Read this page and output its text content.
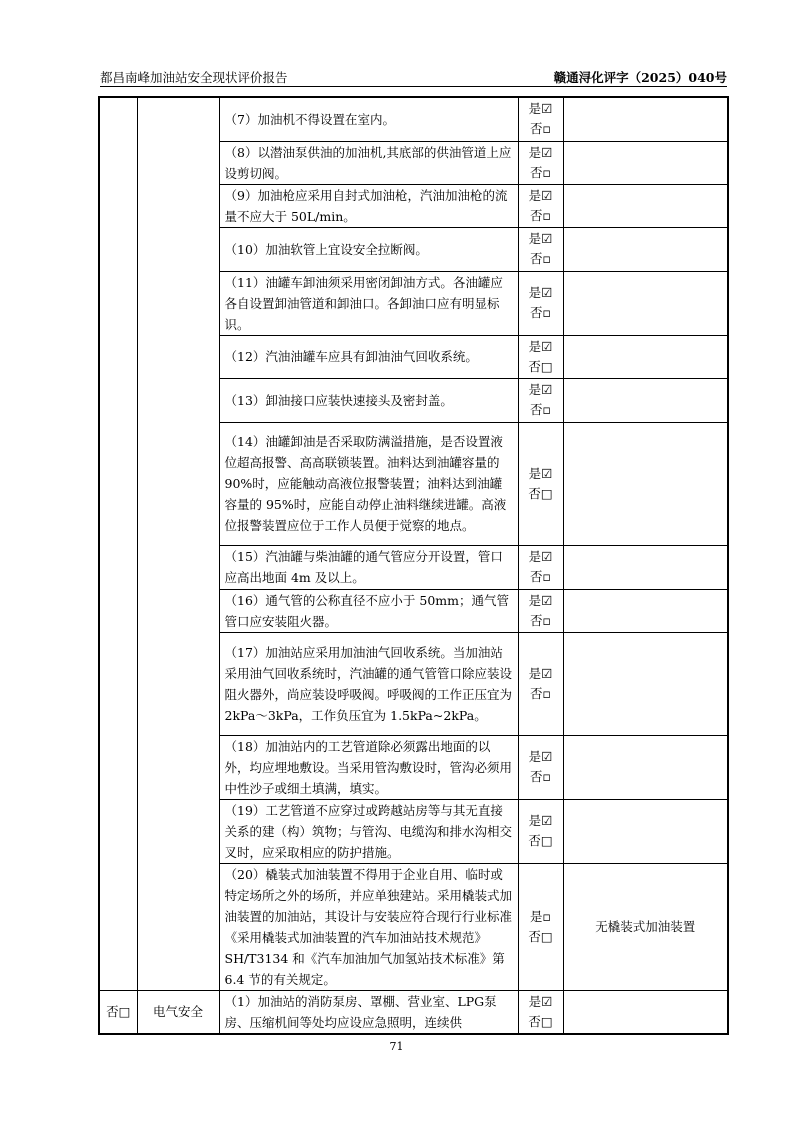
都昌南峰加油站安全现状评价报告	赣通浔化评字（2025）040号
		（7）加油机不得设置在室内。	是☑
否▫	

		（8）以潜油泵供油的加油机,其底部的供油管道上应设剪切阀。	是☑
否▫	

		（9）加油枪应采用自封式加油枪，汽油加油枪的流量不应大于 50L/min。	是☑
否▫	

		（10）加油软管上宜设安全拉断阀。	是☑
否▫	

		（11）油罐车卸油须采用密闭卸油方式。各油罐应各自设置卸油管道和卸油口。各卸油口应有明显标识。	是☑
否▫	

		（12）汽油油罐车应具有卸油油气回收系统。	是☑
否□	

		（13）卸油接口应装快速接头及密封盖。	是☑
否▫	

		（14）油罐卸油是否采取防满溢措施，是否设置液位超高报警、高高联锁装置。油料达到油罐容量的 90%时，应能触动高液位报警装置；油料达到油罐容量的 95%时，应能自动停止油料继续进罐。高液位报警装置应位于工作人员便于觉察的地点。	是☑
否□	

		（15）汽油罐与柴油罐的通气管应分开设置，管口应高出地面 4m 及以上。	是☑
否▫	

		（16）通气管的公称直径不应小于 50mm；通气管管口应安装阻火器。	是☑
否▫	

		（17）加油站应采用加油油气回收系统。当加油站采用油气回收系统时，汽油罐的通气管管口除应装设阻火器外，尚应装设呼吸阀。呼吸阀的工作正压宜为 2kPa～3kPa，工作负压宜为 1.5kPa~2kPa。	是☑
否▫	

		（18）加油站内的工艺管道除必须露出地面的以外，均应埋地敷设。当采用管沟敷设时，管沟必须用中性沙子或细土填满，填实。	是☑
否▫	

		（19）工艺管道不应穿过或跨越站房等与其无直接关系的建（构）筑物；与管沟、电缆沟和排水沟相交叉时，应采取相应的防护措施。	是☑
否□	

		（20）橇装式加油装置不得用于企业自用、临时或特定场所之外的场所，并应单独建站。采用橇装式加油装置的加油站，其设计与安装应符合现行行业标准《采用橇装式加油装置的汽车加油站技术规范》SH/T3134 和《汽车加油加气加氢站技术标准》第 6.4 节的有关规定。	是▫
否□	无橇装式加油装置
否□	电气安全	（1）加油站的消防泵房、罩棚、营业室、LPG泵房、压缩机间等处均应设应急照明，连续供	是☑
否□	

71
